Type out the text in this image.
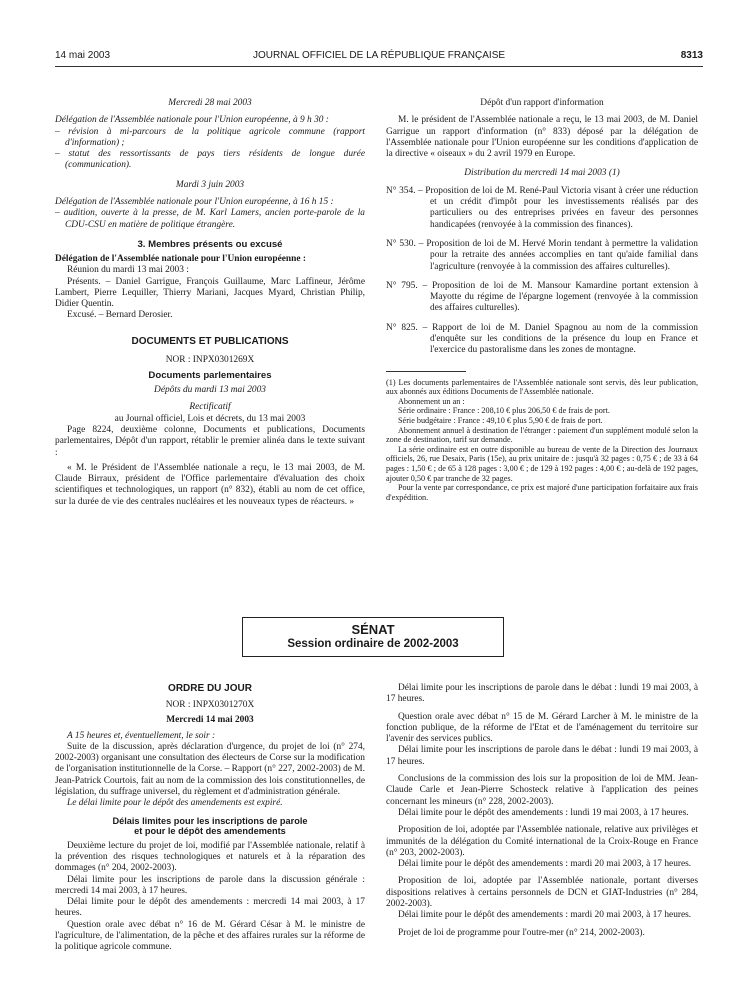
14 mai 2003	JOURNAL OFFICIEL DE LA RÉPUBLIQUE FRANÇAISE	8313

Mercredi 28 mai 2003

Délégation de l'Assemblée nationale pour l'Union européenne, à 9 h 30 :

– révision à mi-parcours de la politique agricole commune (rapport d'information) ;

– statut des ressortissants de pays tiers résidents de longue durée (communication).

Mardi 3 juin 2003

Délégation de l'Assemblée nationale pour l'Union européenne, à 16 h 15 :

– audition, ouverte à la presse, de M. Karl Lamers, ancien porte-parole de la CDU-CSU en matière de politique étrangère.

3. Membres présents ou excusé

Délégation de l'Assemblée nationale pour l'Union européenne :

Réunion du mardi 13 mai 2003 :

Présents. – Daniel Garrigue, François Guillaume, Marc Laffineur, Jérôme Lambert, Pierre Lequiller, Thierry Mariani, Jacques Myard, Christian Philip, Didier Quentin.

Excusé. – Bernard Derosier.

DOCUMENTS ET PUBLICATIONS

NOR : INPX0301269X

Documents parlementaires

Dépôts du mardi 13 mai 2003

Rectificatif

au Journal officiel, Lois et décrets, du 13 mai 2003

Page 8224, deuxième colonne, Documents et publications, Documents parlementaires, Dépôt d'un rapport, rétablir le premier alinéa dans le texte suivant :

« M. le Président de l'Assemblée nationale a reçu, le 13 mai 2003, de M. Claude Birraux, président de l'Office parlementaire d'évaluation des choix scientifiques et technologiques, un rapport (n° 832), établi au nom de cet office, sur la durée de vie des centrales nucléaires et les nouveaux types de réacteurs. »

Dépôt d'un rapport d'information

M. le président de l'Assemblée nationale a reçu, le 13 mai 2003, de M. Daniel Garrigue un rapport d'information (n° 833) déposé par la délégation de l'Assemblée nationale pour l'Union européenne sur les conditions d'application de la directive « oiseaux » du 2 avril 1979 en Europe.

Distribution du mercredi 14 mai 2003 (1)

N° 354. – Proposition de loi de M. René-Paul Victoria visant à créer une réduction et un crédit d'impôt pour les investissements réalisés par des particuliers ou des entreprises privées en faveur des personnes handicapées (renvoyée à la commission des finances).
N° 530. – Proposition de loi de M. Hervé Morin tendant à permettre la validation pour la retraite des années accomplies en tant qu'aide familial dans l'agriculture (renvoyée à la commission des affaires culturelles).
N° 795. – Proposition de loi de M. Mansour Kamardine portant extension à Mayotte du régime de l'épargne logement (renvoyée à la commission des affaires culturelles).
N° 825. – Rapport de loi de M. Daniel Spagnou au nom de la commission d'enquête sur les conditions de la présence du loup en France et l'exercice du pastoralisme dans les zones de montagne.

(1) Les documents parlementaires de l'Assemblée nationale sont servis, dès leur publication, aux abonnés aux éditions Documents de l'Assemblée nationale.

Abonnement un an :

Série ordinaire : France : 208,10 € plus 206,50 € de frais de port.

Série budgétaire : France : 49,10 € plus 5,90 € de frais de port.

Abonnement annuel à destination de l'étranger : paiement d'un supplément modulé selon la zone de destination, tarif sur demande.

La série ordinaire est en outre disponible au bureau de vente de la Direction des Journaux officiels, 26, rue Desaix, Paris (15e), au prix unitaire de : jusqu'à 32 pages : 0,75 € ; de 33 à 64 pages : 1,50 € ; de 65 à 128 pages : 3,00 € ; de 129 à 192 pages : 4,00 € ; au-delà de 192 pages, ajouter 0,50 € par tranche de 32 pages.

Pour la vente par correspondance, ce prix est majoré d'une participation forfaitaire aux frais d'expédition.

SÉNAT
Session ordinaire de 2002-2003
ORDRE DU JOUR

NOR : INPX0301270X

Mercredi 14 mai 2003

A 15 heures et, éventuellement, le soir :

Suite de la discussion, après déclaration d'urgence, du projet de loi (n° 274, 2002-2003) organisant une consultation des électeurs de Corse sur la modification de l'organisation institutionnelle de la Corse. – Rapport (n° 227, 2002-2003) de M. Jean-Patrick Courtois, fait au nom de la commission des lois constitutionnelles, de législation, du suffrage universel, du règlement et d'administration générale.

Le délai limite pour le dépôt des amendements est expiré.

Délais limites pour les inscriptions de parole
et pour le dépôt des amendements

Deuxième lecture du projet de loi, modifié par l'Assemblée nationale, relatif à la prévention des risques technologiques et naturels et à la réparation des dommages (n° 204, 2002-2003).

Délai limite pour les inscriptions de parole dans la discussion générale : mercredi 14 mai 2003, à 17 heures.

Délai limite pour le dépôt des amendements : mercredi 14 mai 2003, à 17 heures.

Question orale avec débat n° 16 de M. Gérard César à M. le ministre de l'agriculture, de l'alimentation, de la pêche et des affaires rurales sur la réforme de la politique agricole commune.

Délai limite pour les inscriptions de parole dans le débat : lundi 19 mai 2003, à 17 heures.

Question orale avec débat n° 15 de M. Gérard Larcher à M. le ministre de la fonction publique, de la réforme de l'Etat et de l'aménagement du territoire sur l'avenir des services publics.

Délai limite pour les inscriptions de parole dans le débat : lundi 19 mai 2003, à 17 heures.

Conclusions de la commission des lois sur la proposition de loi de MM. Jean-Claude Carle et Jean-Pierre Schosteck relative à l'application des peines concernant les mineurs (n° 228, 2002-2003).

Délai limite pour le dépôt des amendements : lundi 19 mai 2003, à 17 heures.

Proposition de loi, adoptée par l'Assemblée nationale, relative aux privilèges et immunités de la délégation du Comité international de la Croix-Rouge en France (n° 203, 2002-2003).

Délai limite pour le dépôt des amendements : mardi 20 mai 2003, à 17 heures.

Proposition de loi, adoptée par l'Assemblée nationale, portant diverses dispositions relatives à certains personnels de DCN et GIAT-Industries (n° 284, 2002-2003).

Délai limite pour le dépôt des amendements : mardi 20 mai 2003, à 17 heures.

Projet de loi de programme pour l'outre-mer (n° 214, 2002-2003).
